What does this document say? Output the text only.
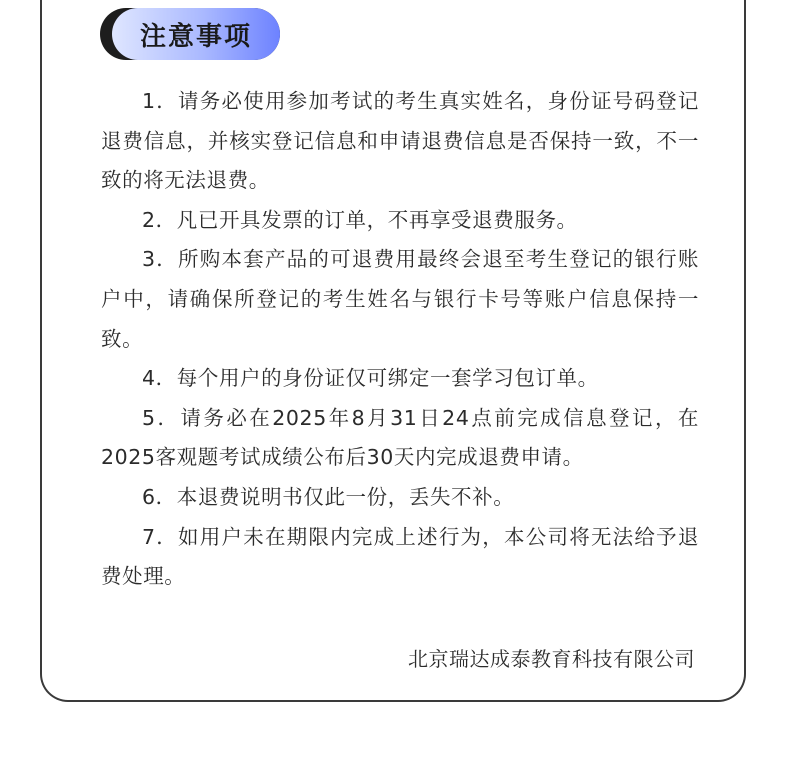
注意事项

1．请务必使用参加考试的考生真实姓名，身份证号码登记退费信息，并核实登记信息和申请退费信息是否保持一致，不一致的将无法退费。

2．凡已开具发票的订单，不再享受退费服务。

3．所购本套产品的可退费用最终会退至考生登记的银行账户中，请确保所登记的考生姓名与银行卡号等账户信息保持一致。

4．每个用户的身份证仅可绑定一套学习包订单。

5．请务必在2025年8月31日24点前完成信息登记，在2025客观题考试成绩公布后30天内完成退费申请。

6．本退费说明书仅此一份，丢失不补。

7．如用户未在期限内完成上述行为，本公司将无法给予退费处理。

北京瑞达成泰教育科技有限公司
